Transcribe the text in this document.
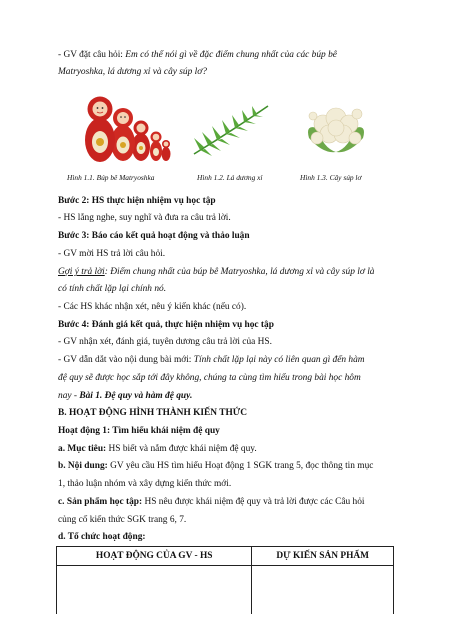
- GV đặt câu hỏi: Em có thể nói gì về đặc điểm chung nhất của các búp bê
Matryoshka, lá dương xỉ và cây súp lơ?
Hình 1.1. Búp bê Matryoshka	Hình 1.2. Lá dương xỉ	Hình 1.3. Cây súp lơ
Bước 2: HS thực hiện nhiệm vụ học tập
- HS lắng nghe, suy nghĩ và đưa ra câu trả lời.
Bước 3: Báo cáo kết quả hoạt động và thảo luận
- GV mời HS trả lời câu hỏi.
Gợi ý trả lời: Điểm chung nhất của búp bê Matryoshka, lá dương xỉ và cây súp lơ là
có tính chất lặp lại chính nó.
- Các HS khác nhận xét, nêu ý kiến khác (nếu có).
Bước 4: Đánh giá kết quả, thực hiện nhiệm vụ học tập
- GV nhận xét, đánh giá, tuyên dương câu trả lời của HS.
- GV dẫn dắt vào nội dung bài mới: Tính chất lặp lại này có liên quan gì đến hàm
đệ quy sẽ được học sắp tới đây không, chúng ta cùng tìm hiểu trong bài học hôm
nay - Bài 1. Đệ quy và hàm đệ quy.
B. HOẠT ĐỘNG HÌNH THÀNH KIẾN THỨC
Hoạt động 1: Tìm hiểu khái niệm đệ quy
a. Mục tiêu: HS biết và nắm được khái niệm đệ quy.
b. Nội dung: GV yêu cầu HS tìm hiểu Hoạt động 1 SGK trang 5, đọc thông tin mục
1, thảo luận nhóm và xây dựng kiến thức mới.
c. Sản phẩm học tập: HS nêu được khái niệm đệ quy và trả lời được các Câu hỏi
củng cố kiến thức SGK trang 6, 7.
d. Tổ chức hoạt động:
HOẠT ĐỘNG CỦA GV - HS	DỰ KIẾN SẢN PHẨM
